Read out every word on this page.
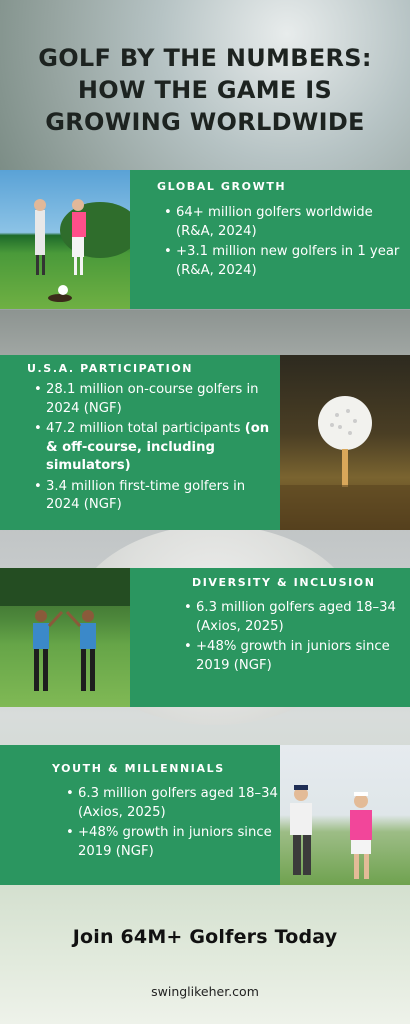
GOLF BY THE NUMBERS:
HOW THE GAME IS
GROWING WORLDWIDE
GLOBAL GROWTH
• 64+ million golfers worldwide (R&A, 2024)
• +3.1 million new golfers in 1 year (R&A, 2024)
U.S.A. PARTICIPATION
• 28.1 million on-course golfers in 2024 (NGF)
• 47.2 million total participants (on & off-course, including simulators)
• 3.4 million first-time golfers in 2024 (NGF)
DIVERSITY & INCLUSION
• 6.3 million golfers aged 18–34 (Axios, 2025)
• +48% growth in juniors since 2019 (NGF)
YOUTH & MILLENNIALS
• 6.3 million golfers aged 18–34 (Axios, 2025)
• +48% growth in juniors since 2019 (NGF)
Join 64M+ Golfers Today
swinglikeher.com
